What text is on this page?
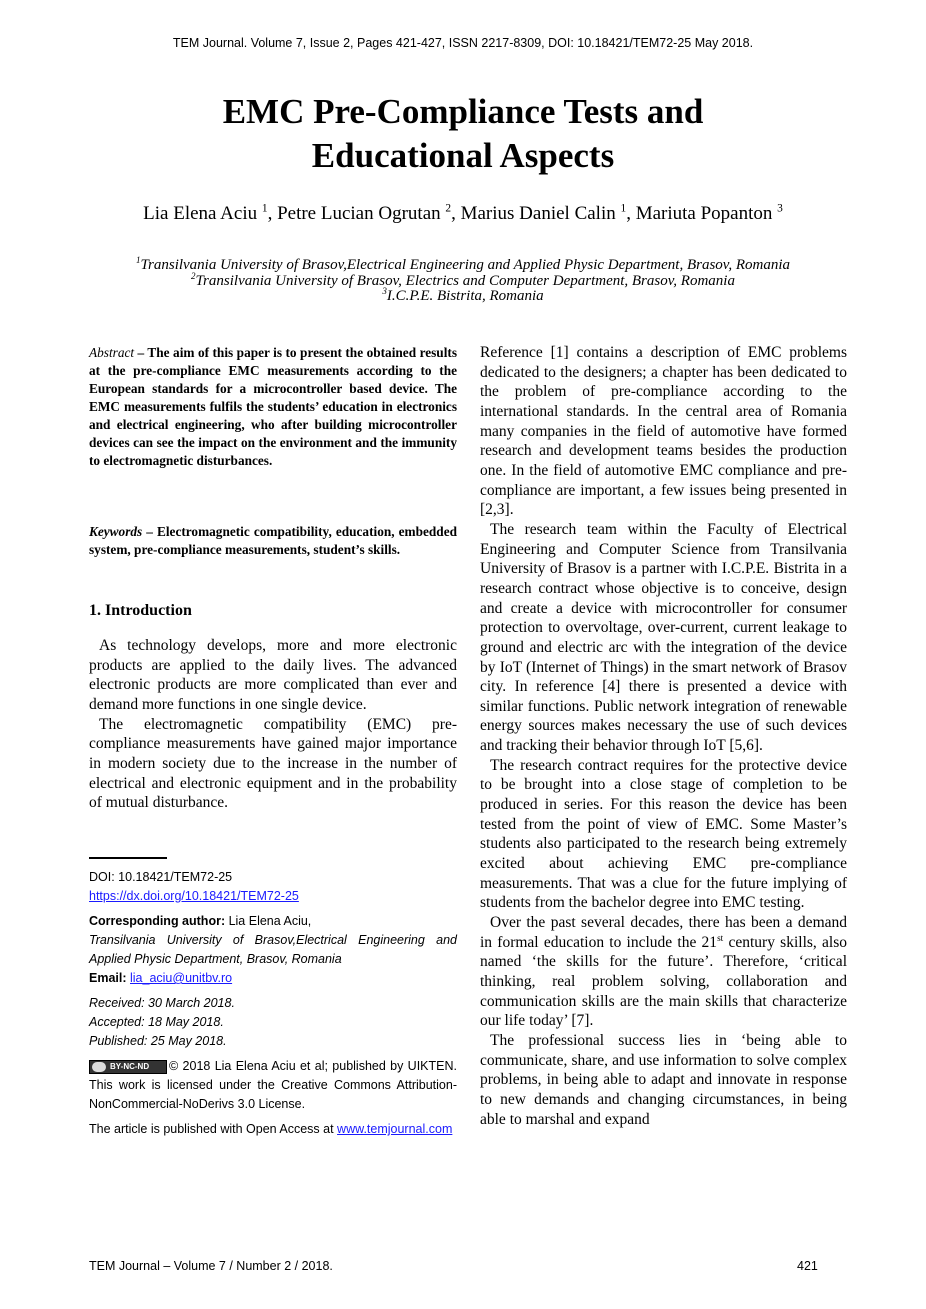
TEM Journal. Volume 7, Issue 2, Pages 421-427, ISSN 2217-8309, DOI: 10.18421/TEM72-25 May 2018.
EMC Pre-Compliance Tests and
Educational Aspects
Lia Elena Aciu $^1$, Petre Lucian Ogrutan $^2$, Marius Daniel Calin $^1$, Mariuta Popanton $^3$
$^1$Transilvania University of Brasov,Electrical Engineering and Applied Physic Department, Brasov, Romania
$^2$Transilvania University of Brasov, Electrics and Computer Department, Brasov, Romania
$^3$I.C.P.E. Bistrita, Romania
Abstract – The aim of this paper is to present the obtained results at the pre-compliance EMC measurements according to the European standards for a microcontroller based device. The EMC measurements fulfils the students’ education in electronics and electrical engineering, who after building microcontroller devices can see the impact on the environment and the immunity to electromagnetic disturbances.
Keywords – Electromagnetic compatibility, education, embedded system, pre-compliance measurements, student’s skills.
1. Introduction

As technology develops, more and more electronic products are applied to the daily lives. The advanced electronic products are more complicated than ever and demand more functions in one single device.

The electromagnetic compatibility (EMC) pre-compliance measurements have gained major importance in modern society due to the increase in the number of electrical and electronic equipment and in the probability of mutual disturbance.

DOI: 10.18421/TEM72-25
https://dx.doi.org/10.18421/TEM72-25

Corresponding author: Lia Elena Aciu,
Transilvania University of Brasov,Electrical Engineering and Applied Physic Department, Brasov, Romania
Email: lia_aciu@unitbv.ro

Received: 30 March 2018.
Accepted: 18 May 2018.
Published: 25 May 2018.

BY-NC-ND © 2018 Lia Elena Aciu et al; published by UIKTEN. This work is licensed under the Creative Commons Attribution-NonCommercial-NoDerivs 3.0 License.

The article is published with Open Access at www.temjournal.com

Reference [1] contains a description of EMC problems dedicated to the designers; a chapter has been dedicated to the problem of pre-compliance according to the international standards. In the central area of Romania many companies in the field of automotive have formed research and development teams besides the production one. In the field of automotive EMC compliance and pre-compliance are important, a few issues being presented in [2,3].

The research team within the Faculty of Electrical Engineering and Computer Science from Transilvania University of Brasov is a partner with I.C.P.E. Bistrita in a research contract whose objective is to conceive, design and create a device with microcontroller for consumer protection to overvoltage, over-current, current leakage to ground and electric arc with the integration of the device by IoT (Internet of Things) in the smart network of Brasov city. In reference [4] there is presented a device with similar functions. Public network integration of renewable energy sources makes necessary the use of such devices and tracking their behavior through IoT [5,6].

The research contract requires for the protective device to be brought into a close stage of completion to be produced in series. For this reason the device has been tested from the point of view of EMC. Some Master’s students also participated to the research being extremely excited about achieving EMC pre-compliance measurements. That was a clue for the future implying of students from the bachelor degree into EMC testing.

Over the past several decades, there has been a demand in formal education to include the 21st century skills, also named ‘the skills for the future’. Therefore, ‘critical thinking, real problem solving, collaboration and communication skills are the main skills that characterize our life today’ [7].

The professional success lies in ‘being able to communicate, share, and use information to solve complex problems, in being able to adapt and innovate in response to new demands and changing circumstances, in being able to marshal and expand

TEM Journal – Volume 7 / Number 2 / 2018.	421
